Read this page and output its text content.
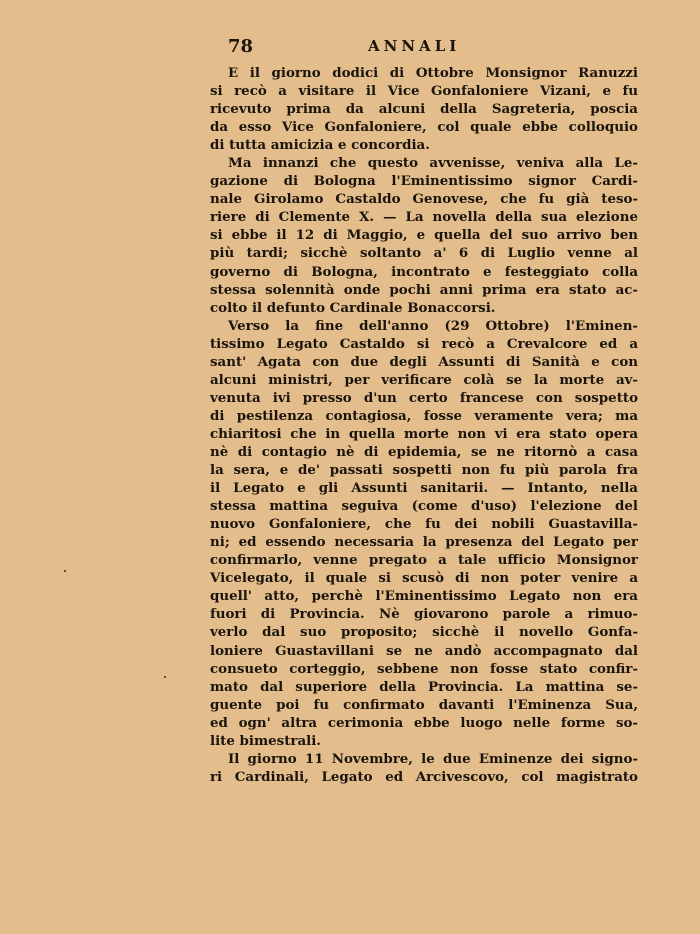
78	ANNALI
E il giorno dodici di Ottobre Monsignor Ranuzzi
si recò a visitare il Vice Gonfaloniere Vizani, e fu
ricevuto prima da alcuni della Sagreteria, poscia
da esso Vice Gonfaloniere, col quale ebbe colloquio
di tutta amicizia e concordia.
Ma innanzi che questo avvenisse, veniva alla Le-
gazione di Bologna l'Eminentissimo signor Cardi-
nale Girolamo Castaldo Genovese, che fu già teso-
riere di Clemente X. — La novella della sua elezione
si ebbe il 12 di Maggio, e quella del suo arrivo ben
più tardi; sicchè soltanto a' 6 di Luglio venne al
governo di Bologna, incontrato e festeggiato colla
stessa solennità onde pochi anni prima era stato ac-
colto il defunto Cardinale Bonaccorsi.
Verso la fine dell'anno (29 Ottobre) l'Eminen-
tissimo Legato Castaldo si recò a Crevalcore ed a
sant' Agata con due degli Assunti di Sanità e con
alcuni ministri, per verificare colà se la morte av-
venuta ivi presso d'un certo francese con sospetto
di pestilenza contagiosa, fosse veramente vera; ma
chiaritosi che in quella morte non vi era stato opera
nè di contagio nè di epidemia, se ne ritornò a casa
la sera, e de' passati sospetti non fu più parola fra
il Legato e gli Assunti sanitarii. — Intanto, nella
stessa mattina seguiva (come d'uso) l'elezione del
nuovo Gonfaloniere, che fu dei nobili Guastavilla-
ni; ed essendo necessaria la presenza del Legato per
confirmarlo, venne pregato a tale ufficio Monsignor
Vicelegato, il quale si scusò di non poter venire a
quell' atto, perchè l'Eminentissimo Legato non era
fuori di Provincia. Nè giovarono parole a rimuo-
verlo dal suo proposito; sicchè il novello Gonfa-
loniere Guastavillani se ne andò accompagnato dal
consueto corteggio, sebbene non fosse stato confir-
mato dal superiore della Provincia. La mattina se-
guente poi fu confirmato davanti l'Eminenza Sua,
ed ogn' altra cerimonia ebbe luogo nelle forme so-
lite bimestrali.
Il giorno 11 Novembre, le due Eminenze dei signo-
ri Cardinali, Legato ed Arcivescovo, col magistrato
